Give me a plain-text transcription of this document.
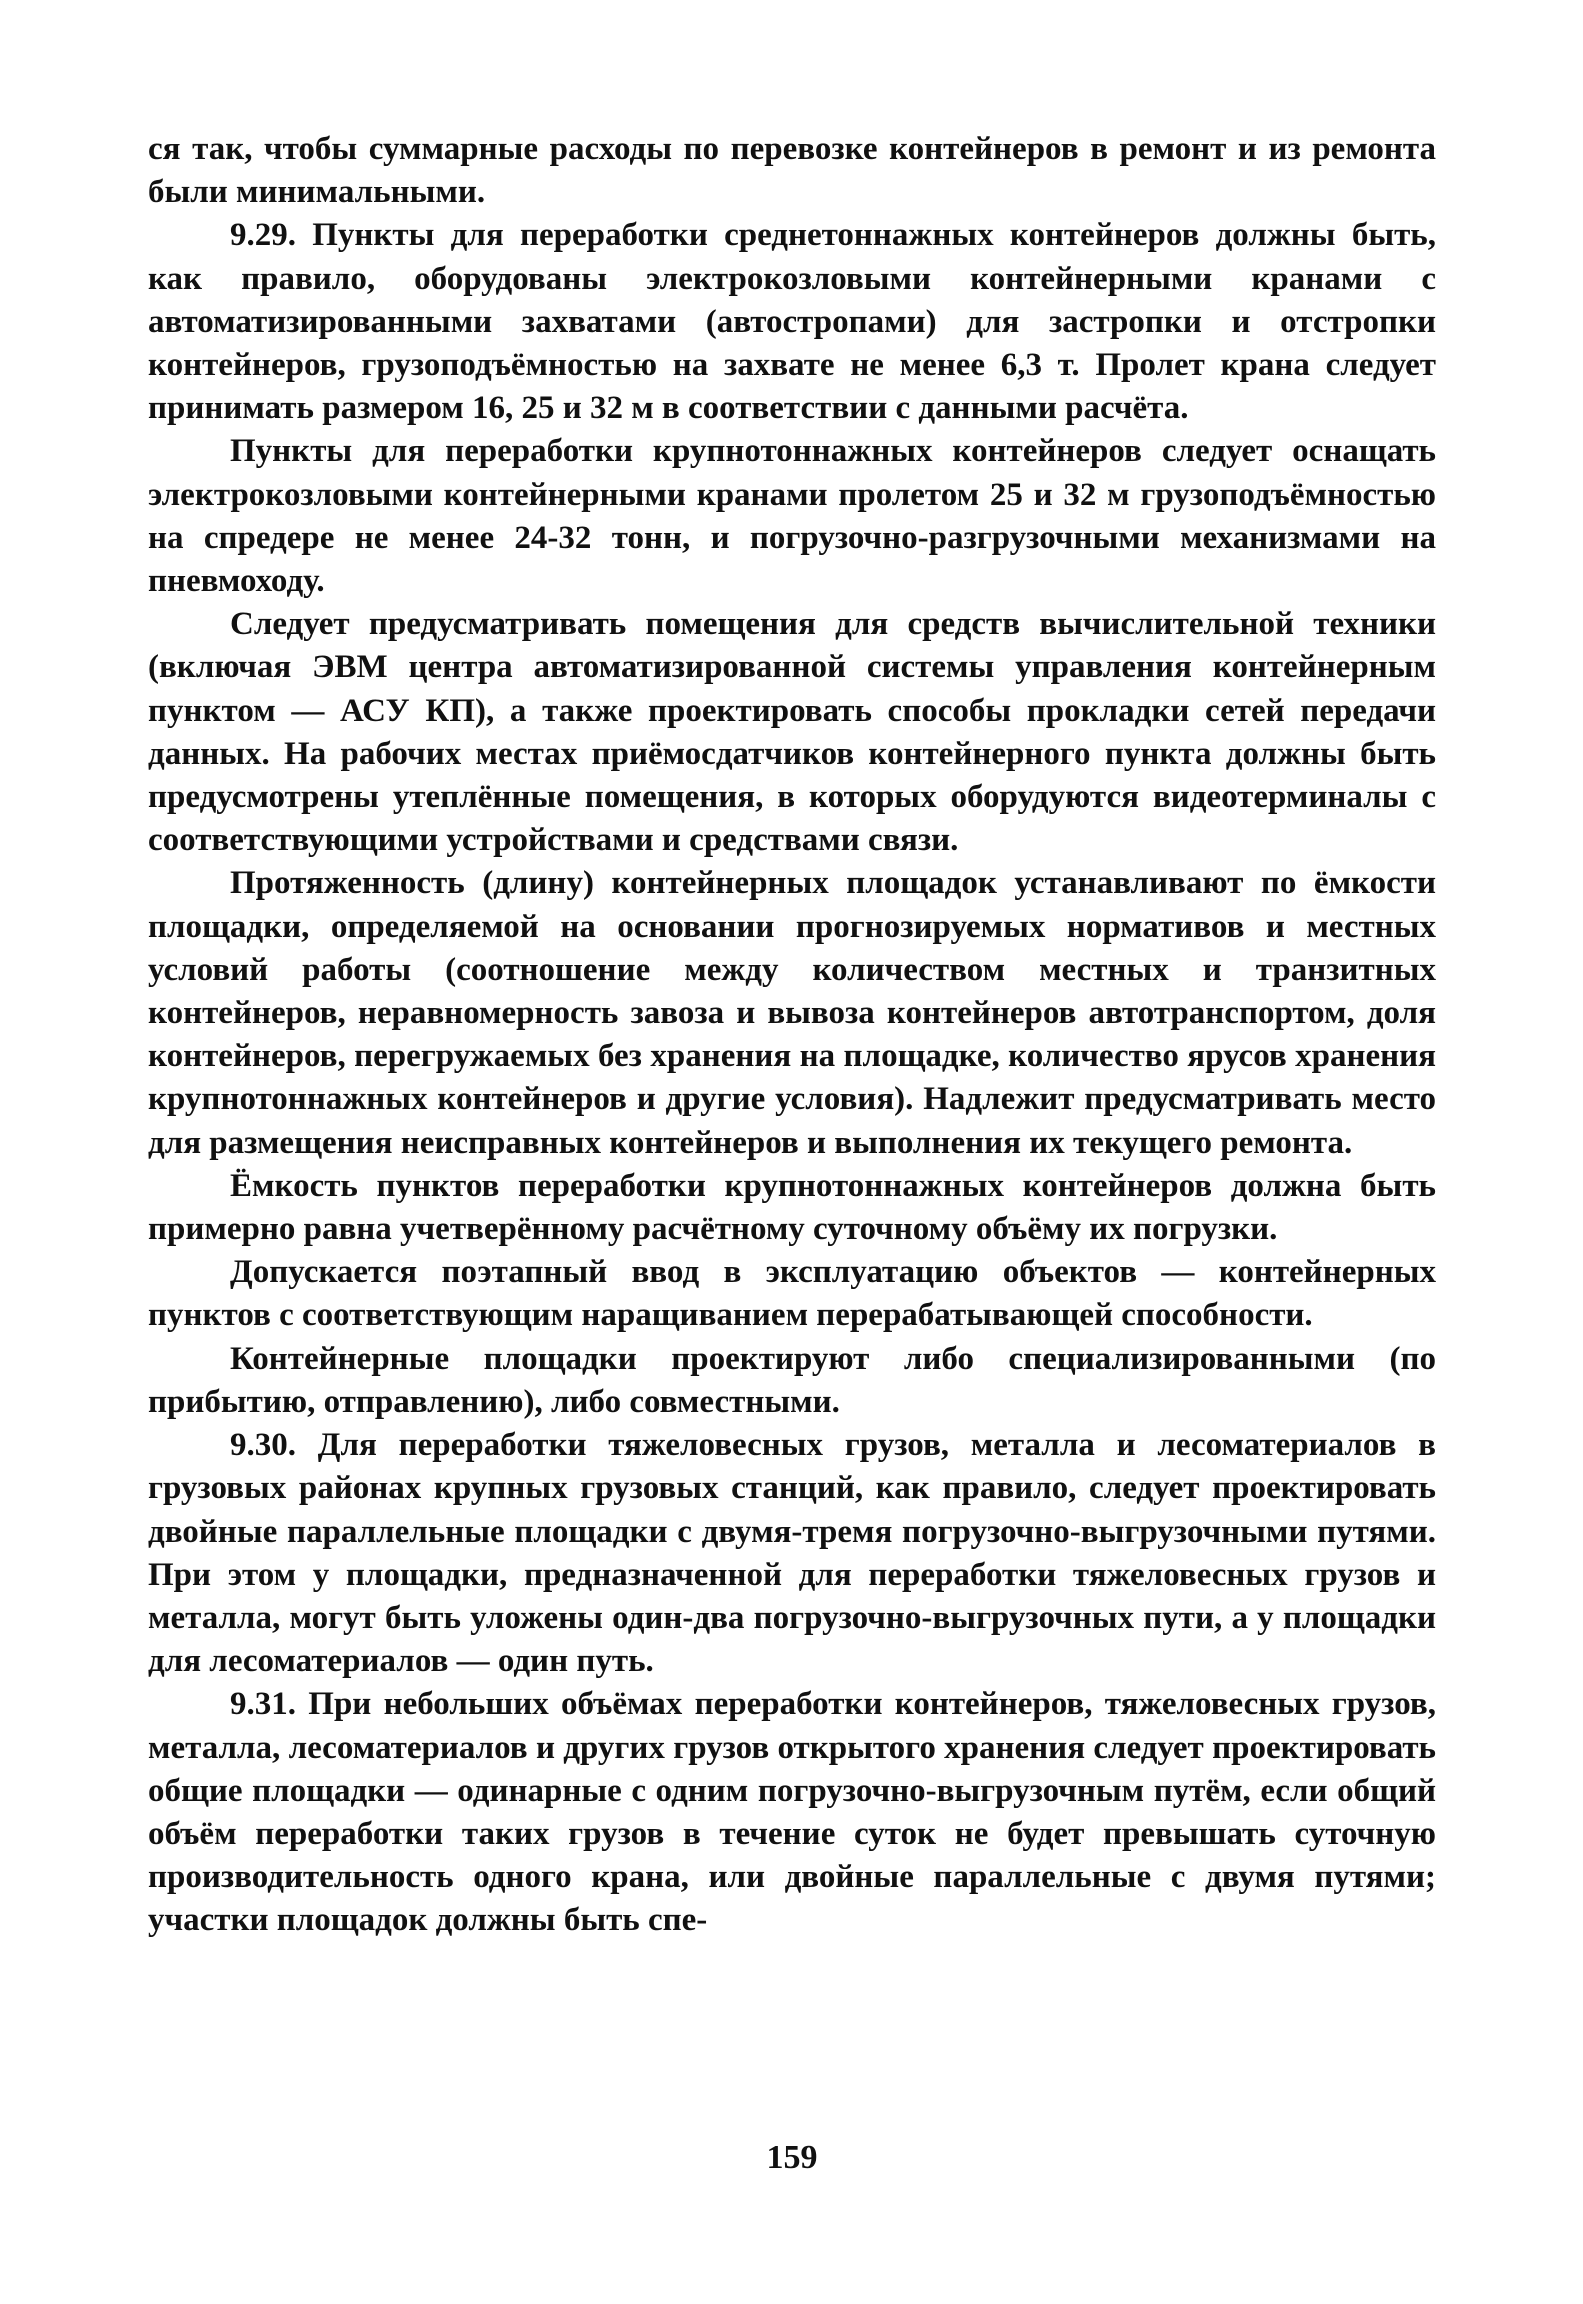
ся так, чтобы суммарные расходы по перевозке контейнеров в ремонт и из ремонта были минимальными.

9.29. Пункты для переработки среднетоннажных контейнеров должны быть, как правило, оборудованы электрокозловыми контейнерными кранами с автоматизированными захватами (автостропами) для застропки и отстропки контейнеров, грузоподъёмностью на захвате не менее 6,3 т. Пролет крана следует принимать размером 16, 25 и 32 м в соответствии с данными расчёта.

Пункты для переработки крупнотоннажных контейнеров следует оснащать электрокозловыми контейнерными кранами пролетом 25 и 32 м грузоподъёмностью на спредере не менее 24-32 тонн, и погрузочно-разгрузочными механизмами на пневмоходу.

Следует предусматривать помещения для средств вычислительной техники (включая ЭВМ центра автоматизированной системы управления контейнерным пунктом — АСУ КП), а также проектировать способы прокладки сетей передачи данных. На рабочих местах приёмосдатчиков контейнерного пункта должны быть предусмотрены утеплённые помещения, в которых оборудуются видеотерминалы с соответствующими устройствами и средствами связи.

Протяженность (длину) контейнерных площадок устанавливают по ёмкости площадки, определяемой на основании прогнозируемых нормативов и местных условий работы (соотношение между количеством местных и транзитных контейнеров, неравномерность завоза и вывоза контейнеров автотранспортом, доля контейнеров, перегружаемых без хранения на площадке, количество ярусов хранения крупнотоннажных контейнеров и другие условия). Надлежит предусматривать место для размещения неисправных контейнеров и выполнения их текущего ремонта.

Ёмкость пунктов переработки крупнотоннажных контейнеров должна быть примерно равна учетверённому расчётному суточному объёму их погрузки.

Допускается поэтапный ввод в эксплуатацию объектов — контейнерных пунктов с соответствующим наращиванием перерабатывающей способности.

Контейнерные площадки проектируют либо специализированными (по прибытию, отправлению), либо совместными.

9.30. Для переработки тяжеловесных грузов, металла и лесоматериалов в грузовых районах крупных грузовых станций, как правило, следует проектировать двойные параллельные площадки с двумя-тремя погрузочно-выгрузочными путями. При этом у площадки, предназначенной для переработки тяжеловесных грузов и металла, могут быть уложены один-два погрузочно-выгрузочных пути, а у площадки для лесоматериалов — один путь.

9.31. При небольших объёмах переработки контейнеров, тяжеловесных грузов, металла, лесоматериалов и других грузов открытого хранения следует проектировать общие площадки — одинарные с одним погрузочно-выгрузочным путём, если общий объём переработки таких грузов в течение суток не будет превышать суточную производительность одного крана, или двойные параллельные с двумя путями; участки площадок должны быть спе-

159
